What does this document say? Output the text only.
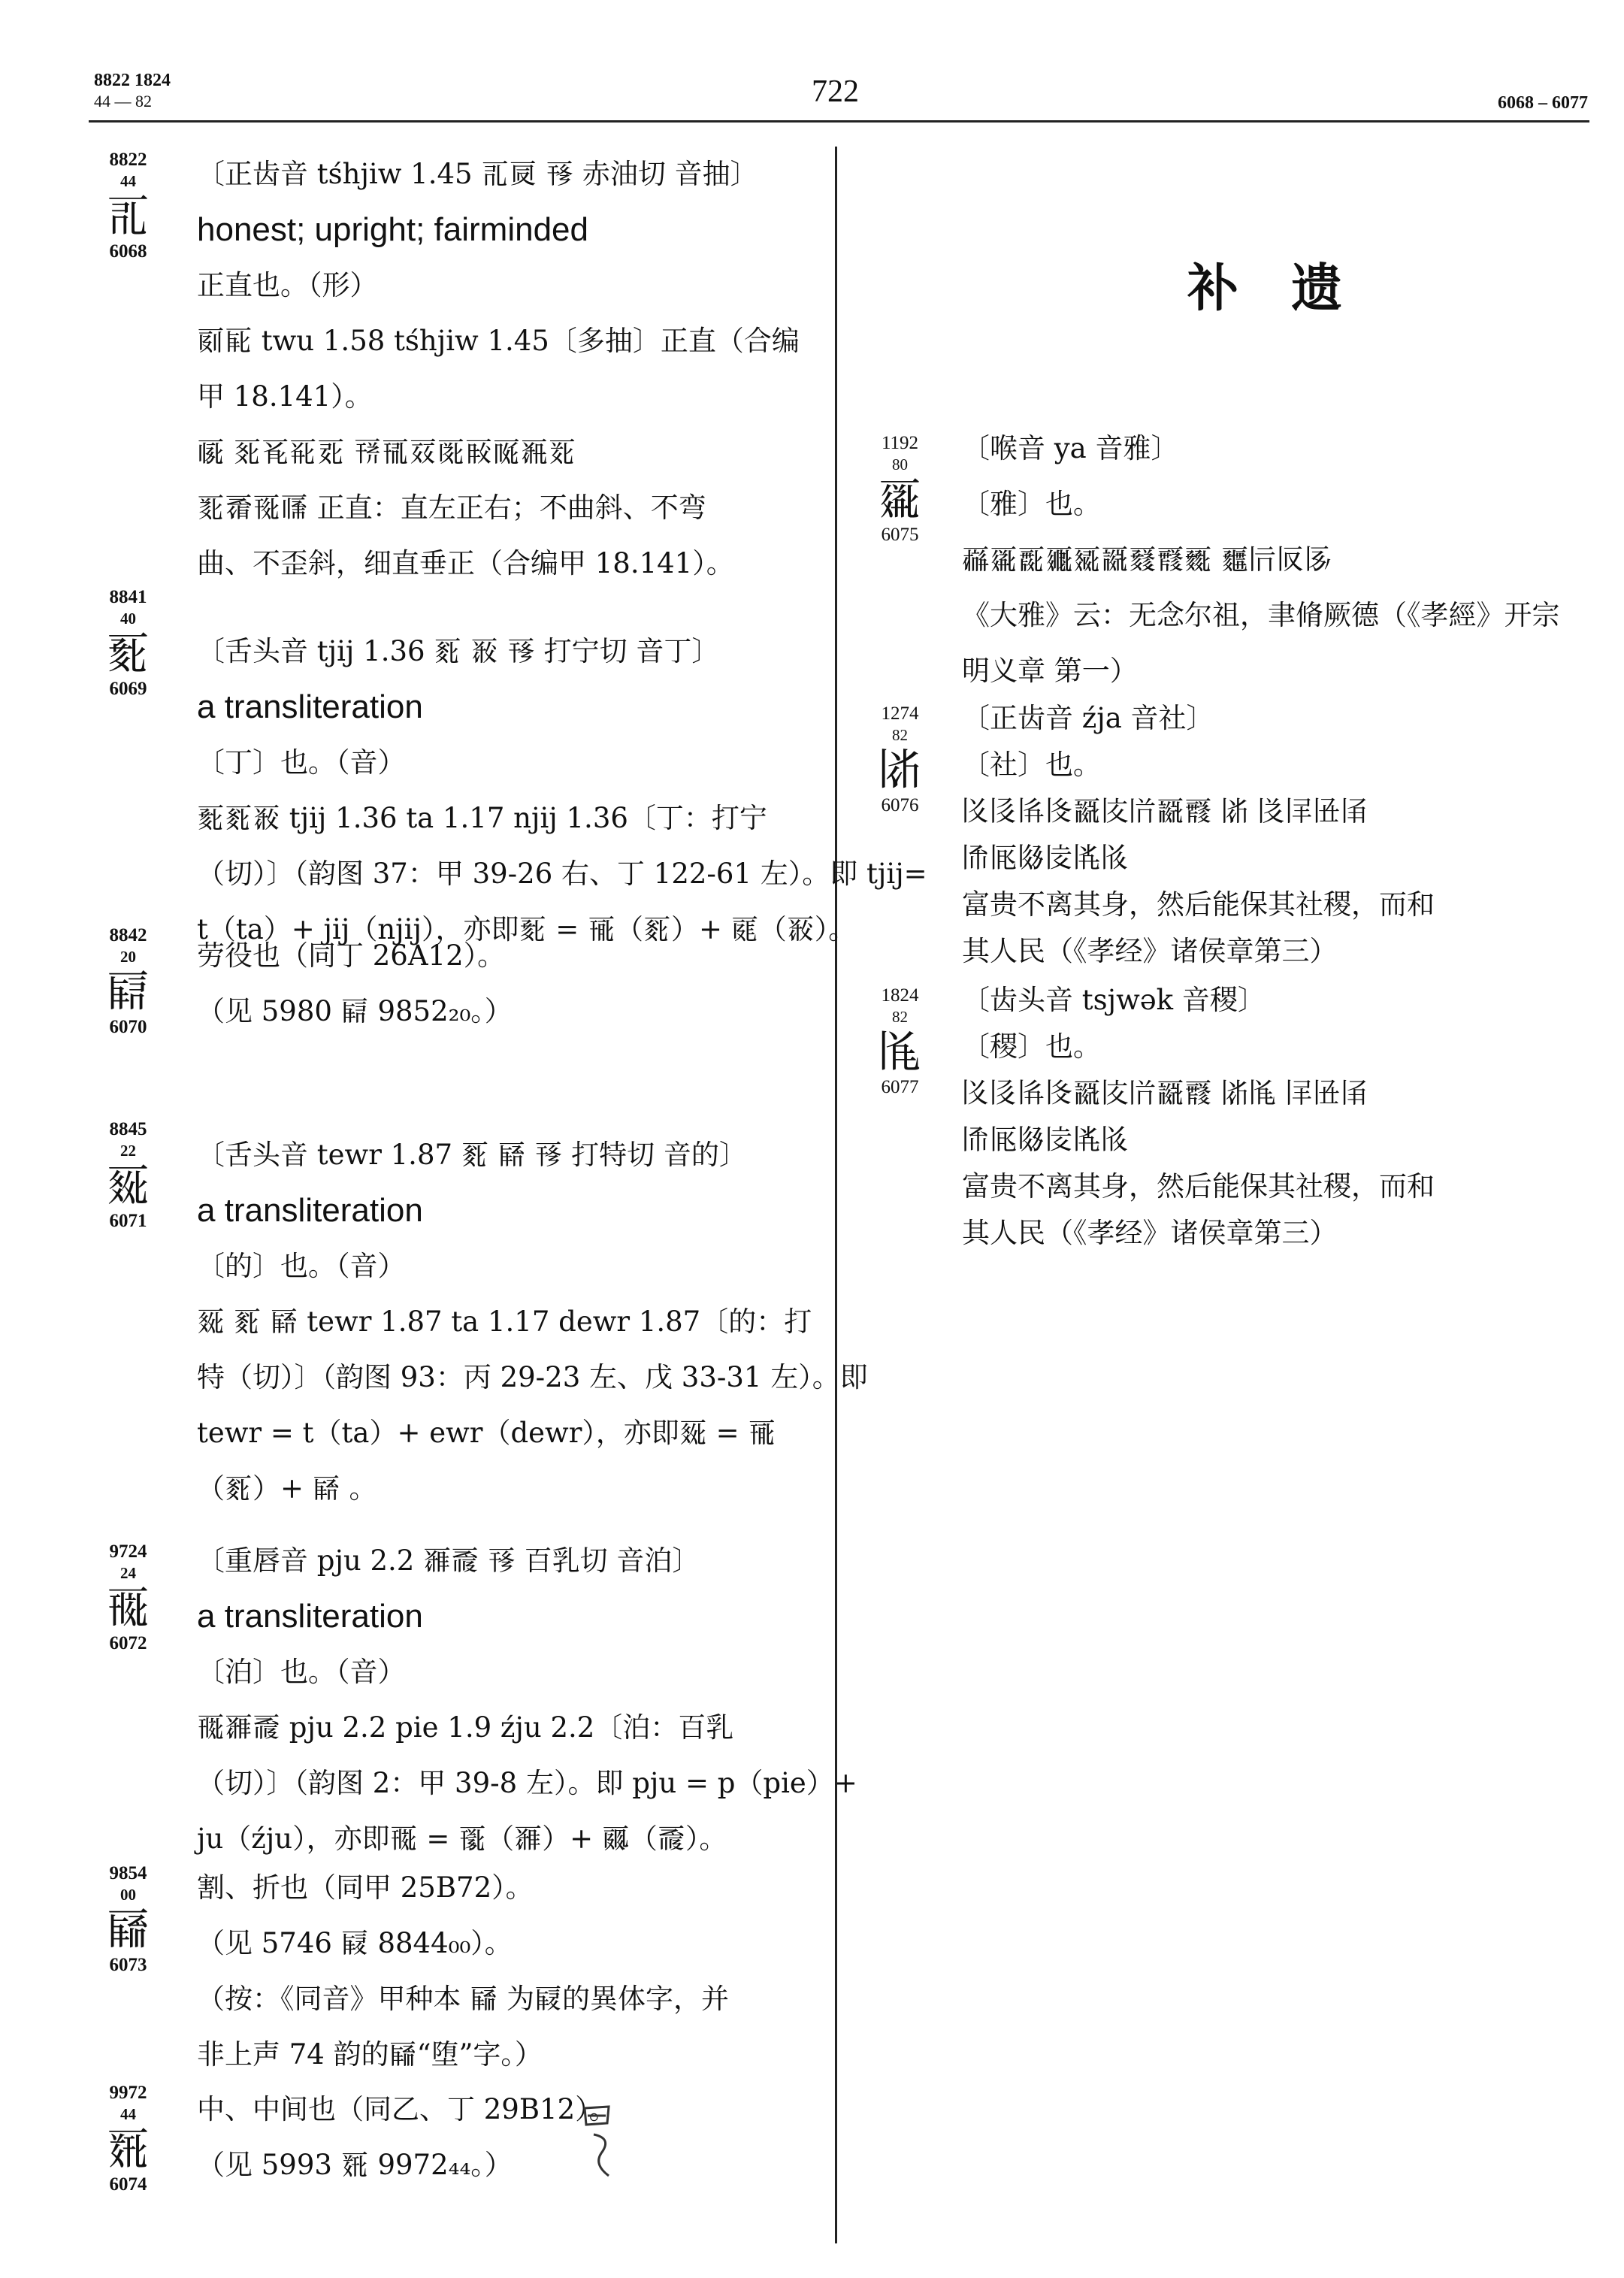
8822 1824
44 — 82	722	6068 – 6077
补遗
8822
44
𗀀
6068
〔正齿音 tśhjiw 1.45 𗀀𗀁 𗀂 赤油切 音抽〕
honest; upright; fairminded
正直也。（形）
𗀃𗀄 twu 1.58 tśhjiw 1.45〔多抽〕正直（合编
甲 18.141）。
𗀅 𗀆𗀇𗀈𗀉 𗀊𗀋𗀌𗀍𗀎𗀏𗀐𗀑
𗀒𗀓𗀔𗀕 正直：直左正右；不曲斜、不弯
曲、不歪斜，细直垂正（合编甲 18.141）。
8841
40
𗀘
6069
〔舌头音 tjij 1.36 𗀖 𗀗 𗀂 打宁切 音丁〕
a transliteration
〔丁〕也。（音）
𗀘𗀖𗀗 tjij 1.36 ta 1.17 njij 1.36〔丁：打宁
（切）〕（韵图 37：甲 39-26 右、丁 122-61 左）。即 tjij=
t（ta）+ jij（njij），亦即𗀘 = 𗀙（𗀖）+ 𗀚（𗀗）。
8842
20
𗀛
6070
劳役也（同丁 26A12）。
（见 5980 𗀛 9852₂₀。）
8845
22
𗀝
6071
〔舌头音 tewr 1.87 𗀖 𗀜 𗀂 打特切 音的〕
a transliteration
〔的〕也。（音）
𗀝 𗀖 𗀜 tewr 1.87 ta 1.17 dewr 1.87〔的：打
特（切）〕（韵图 93：丙 29-23 左、戊 33-31 左）。即
tewr = t（ta）+ ewr（dewr），亦即𗀝 = 𗀙
（𗀖）+ 𗀜 。
9724
24
𗀠
6072
〔重唇音 pju 2.2 𗀞𗀟 𗀂 百乳切 音泊〕
a transliteration
〔泊〕也。（音）
𗀠𗀞𗀟 pju 2.2 pie 1.9 źju 2.2〔泊：百乳
（切）〕（韵图 2：甲 39-8 左）。即 pju = p（pie）+
ju（źju），亦即𗀠 = 𗀡（𗀞）+ 𗀢（𗀟）。
9854
00
𗀤
6073
割、折也（同甲 25B72）。
（见 5746 𗀣 8844₀₀）。
（按：《同音》甲种本 𗀤 为𗀣的異体字，并
非上声 74 韵的𗀤“堕”字。）
9972
44
𗀥
6074
中、中间也（同乙、丁 29B12）。
（见 5993 𗀥 9972₄₄。）
1192
80
𗀧
6075
〔喉音 ya 音雅〕
〔雅〕也。
𗀦𗀧𗀨𗀩𗀪𗀫𗀬𗀭𗀮 𗀯𗀰𗀱𗀲
《大雅》云：无念尔祖，聿脩厥德（《孝經》开宗
明义章 第一）
1274
82
𗀹
6076
〔正齿音 źja 音社〕
〔社〕也。
𗀳𗀴𗀵𗀶𗀫𗀷𗀸𗀫𗀭 𗀹 𗀺𗀻𗀼𗀽
𗀾𗀿𗁀𗁁𗁂𗁃
富贵不离其身，然后能保其社稷，而和
其人民（《孝经》诸侯章第三）
1824
82
𗁄
6077
〔齿头音 tsjwək 音稷〕
〔稷〕也。
𗀳𗀴𗀵𗀶𗀫𗀷𗀸𗀫𗀭 𗀹𗁄 𗀻𗀼𗀽
𗀾𗀿𗁀𗁁𗁂𗁃
富贵不离其身，然后能保其社稷，而和
其人民（《孝经》诸侯章第三）
